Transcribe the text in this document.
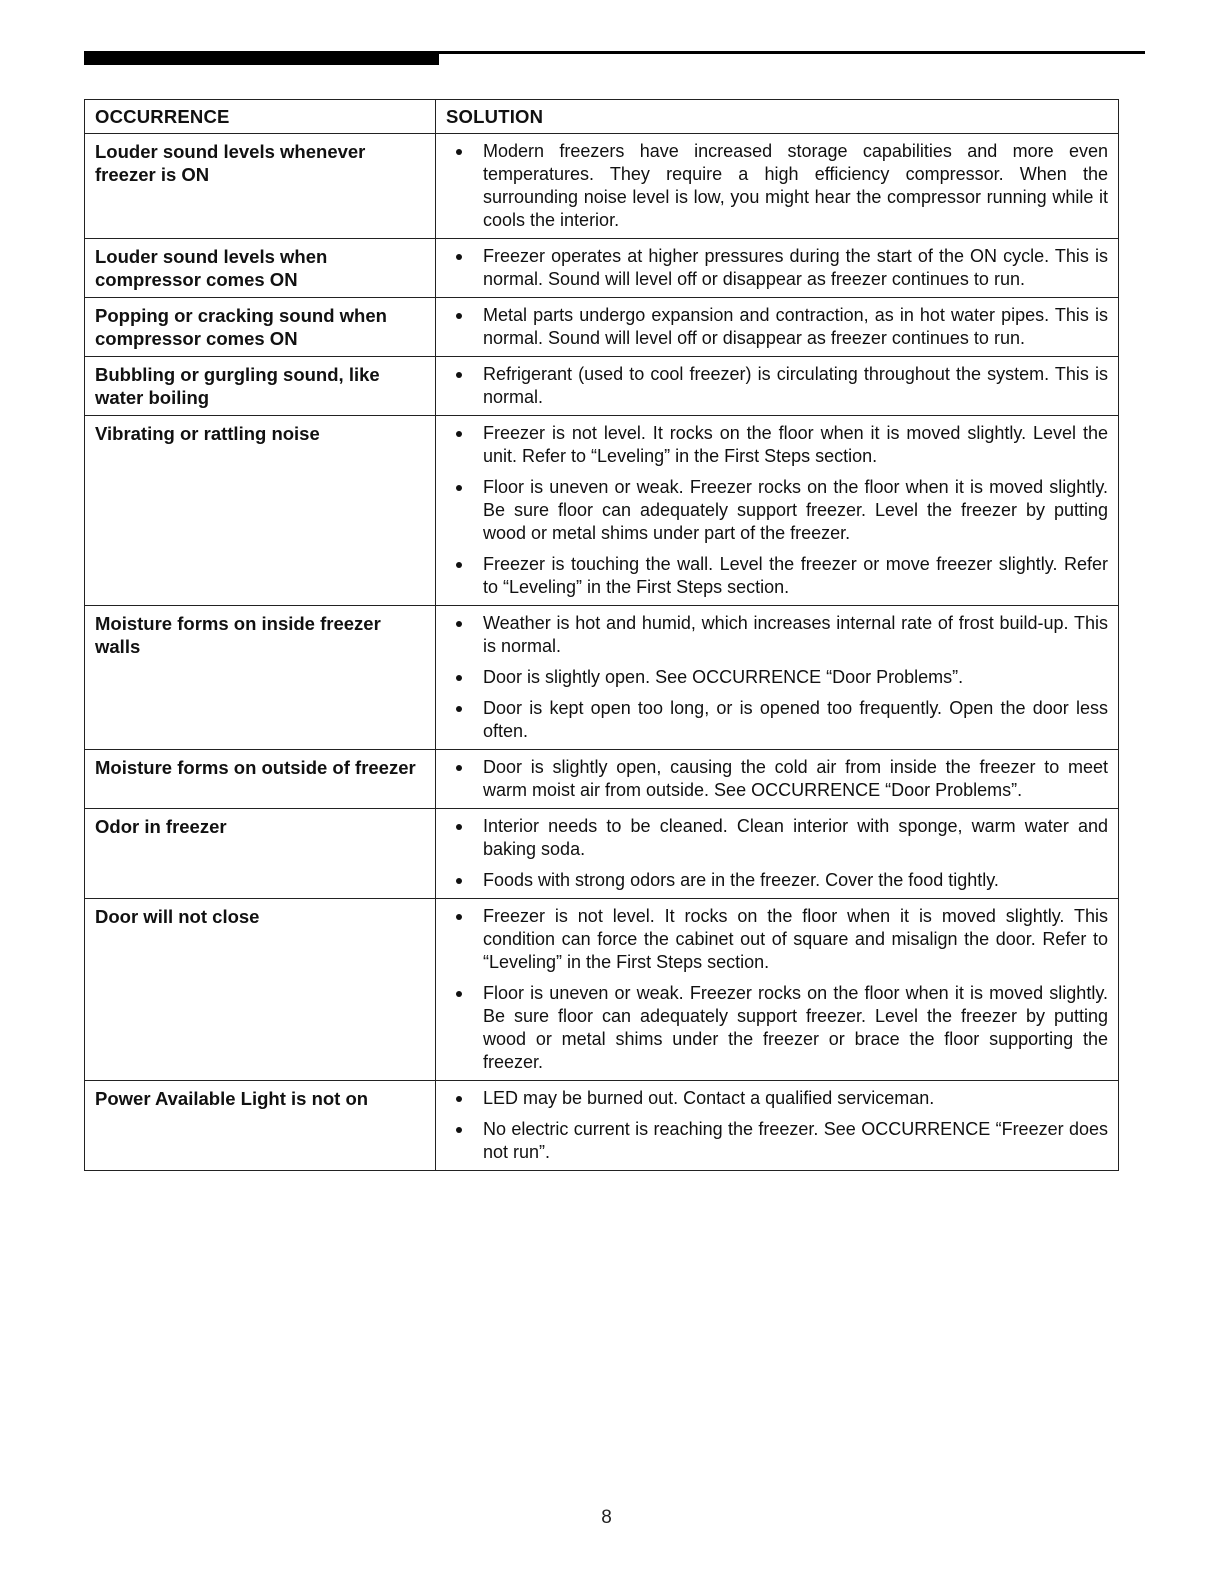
OCCURRENCE	SOLUTION
Louder sound levels whenever freezer is ON	Modern freezers have increased storage capabilities and more even temperatures. They require a high efficiency compressor. When the surrounding noise level is low, you might hear the compressor running while it cools the interior.

Louder sound levels when compressor comes ON	Freezer operates at higher pressures during the start of the ON cycle. This is normal. Sound will level off or disappear as freezer continues to run.

Popping or cracking sound when compressor comes ON	Metal parts undergo expansion and contraction, as in hot water pipes. This is normal. Sound will level off or disappear as freezer continues to run.

Bubbling or gurgling sound, like water boiling	Refrigerant (used to cool freezer) is circulating throughout the system. This is normal.

Vibrating or rattling noise	Freezer is not level. It rocks on the floor when it is moved slightly. Level the unit. Refer to “Leveling” in the First Steps section.
Floor is uneven or weak. Freezer rocks on the floor when it is moved slightly. Be sure floor can adequately support freezer. Level the freezer by putting wood or metal shims under part of the freezer.
Freezer is touching the wall. Level the freezer or move freezer slightly. Refer to “Leveling” in the First Steps section.

Moisture forms on inside freezer walls	Weather is hot and humid, which increases internal rate of frost build-up. This is normal.
Door is slightly open. See OCCURRENCE “Door Problems”.
Door is kept open too long, or is opened too frequently. Open the door less often.

Moisture forms on outside of freezer	Door is slightly open, causing the cold air from inside the freezer to meet warm moist air from outside. See OCCURRENCE “Door Problems”.

Odor in freezer	Interior needs to be cleaned. Clean interior with sponge, warm water and baking soda.
Foods with strong odors are in the freezer. Cover the food tightly.

Door will not close	Freezer is not level. It rocks on the floor when it is moved slightly. This condition can force the cabinet out of square and misalign the door. Refer to “Leveling” in the First Steps section.
Floor is uneven or weak. Freezer rocks on the floor when it is moved slightly. Be sure floor can adequately support freezer. Level the freezer by putting wood or metal shims under the freezer or brace the floor supporting the freezer.

Power Available Light is not on	LED may be burned out. Contact a qualified serviceman.
No electric current is reaching the freezer. See OCCURRENCE “Freezer does not run”.
8
